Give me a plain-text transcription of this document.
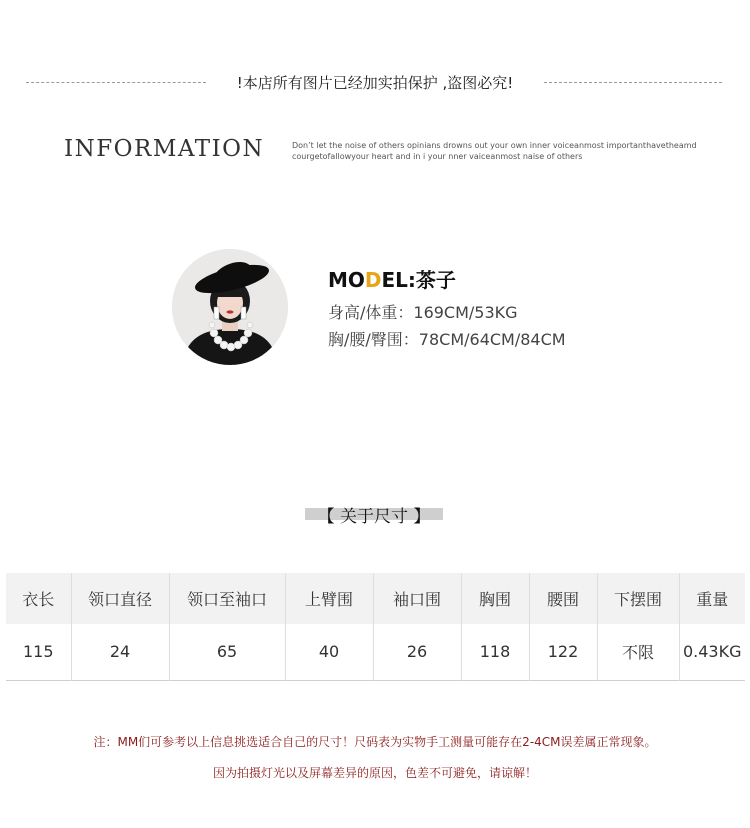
!本店所有图片已经加实拍保护 ,盗图必究!
INFORMATION	Don’t let the noise of others opinians drowns out your own inner voiceanmost importanthavetheamd
courgetofallowyour heart and in i your nner vaiceanmost naise of others
MODEL:茶子
身高/体重：169CM/53KG
胸/腰/臀围：78CM/64CM/84CM
【 关于尺寸 】
衣长	领口直径	领口至袖口	上臂围	袖口围	胸围	腰围	下摆围	重量
115	24	65	40	26	118	122	不限	0.43KG
注：MM们可参考以上信息挑选适合自己的尺寸！尺码表为实物手工测量可能存在2-4CM误差属正常现象。
因为拍摄灯光以及屏幕差异的原因，色差不可避免，请谅解！
